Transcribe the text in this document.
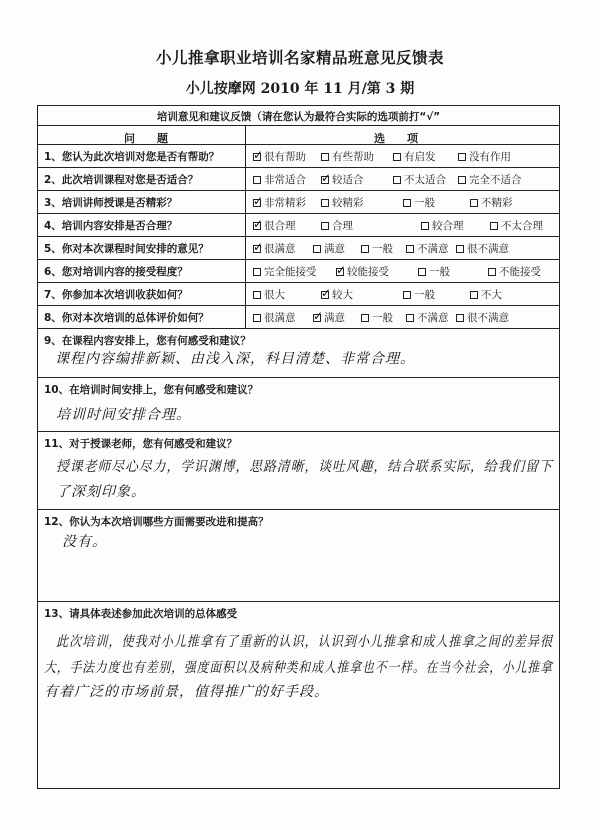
小儿推拿职业培训名家精品班意见反馈表
小儿按摩网 2010 年 11 月/第 3 期
培训意见和建议反馈（请在您认为最符合实际的选项前打“√”
问　　题	选　　项
1、您认为此次培训对您是否有帮助？ ✓	很有帮助	有些帮助	有启发	没有作用
2、此次培训课程对您是否适合？	非常适合 ✓	较适合	不太适合	完全不适合
3、培训讲师授课是否精彩？ ✓	非常精彩	较精彩	一般	不精彩
4、培训内容安排是否合理？ ✓	很合理	合理	较合理	不太合理
5、你对本次课程时间安排的意见？ ✓	很满意	满意	一般	不满意	很不满意
6、您对培训内容的接受程度？	完全能接受 ✓	较能接受	一般	不能接受
7、你参加本次培训收获如何？	很大 ✓	较大	一般	不大
8、你对本次培训的总体评价如何？	很满意 ✓	满意	一般	不满意	很不满意
9、在课程内容安排上，您有何感受和建议？
课程内容编排新颖、由浅入深，科目清楚、非常合理。
10、在培训时间安排上，您有何感受和建议？
培训时间安排合理。
11、对于授课老师，您有何感受和建议？
授课老师尽心尽力，学识渊博，思路清晰，谈吐风趣，结合联系实际，给我们留下
了深刻印象。
12、你认为本次培训哪些方面需要改进和提高？
没有。
13、请具体表述参加此次培训的总体感受
此次培训，使我对小儿推拿有了重新的认识，认识到小儿推拿和成人推拿之间的差异很
大，手法力度也有差别，强度面积以及病种类和成人推拿也不一样。在当今社会，小儿推拿
有着广泛的市场前景，值得推广的好手段。
